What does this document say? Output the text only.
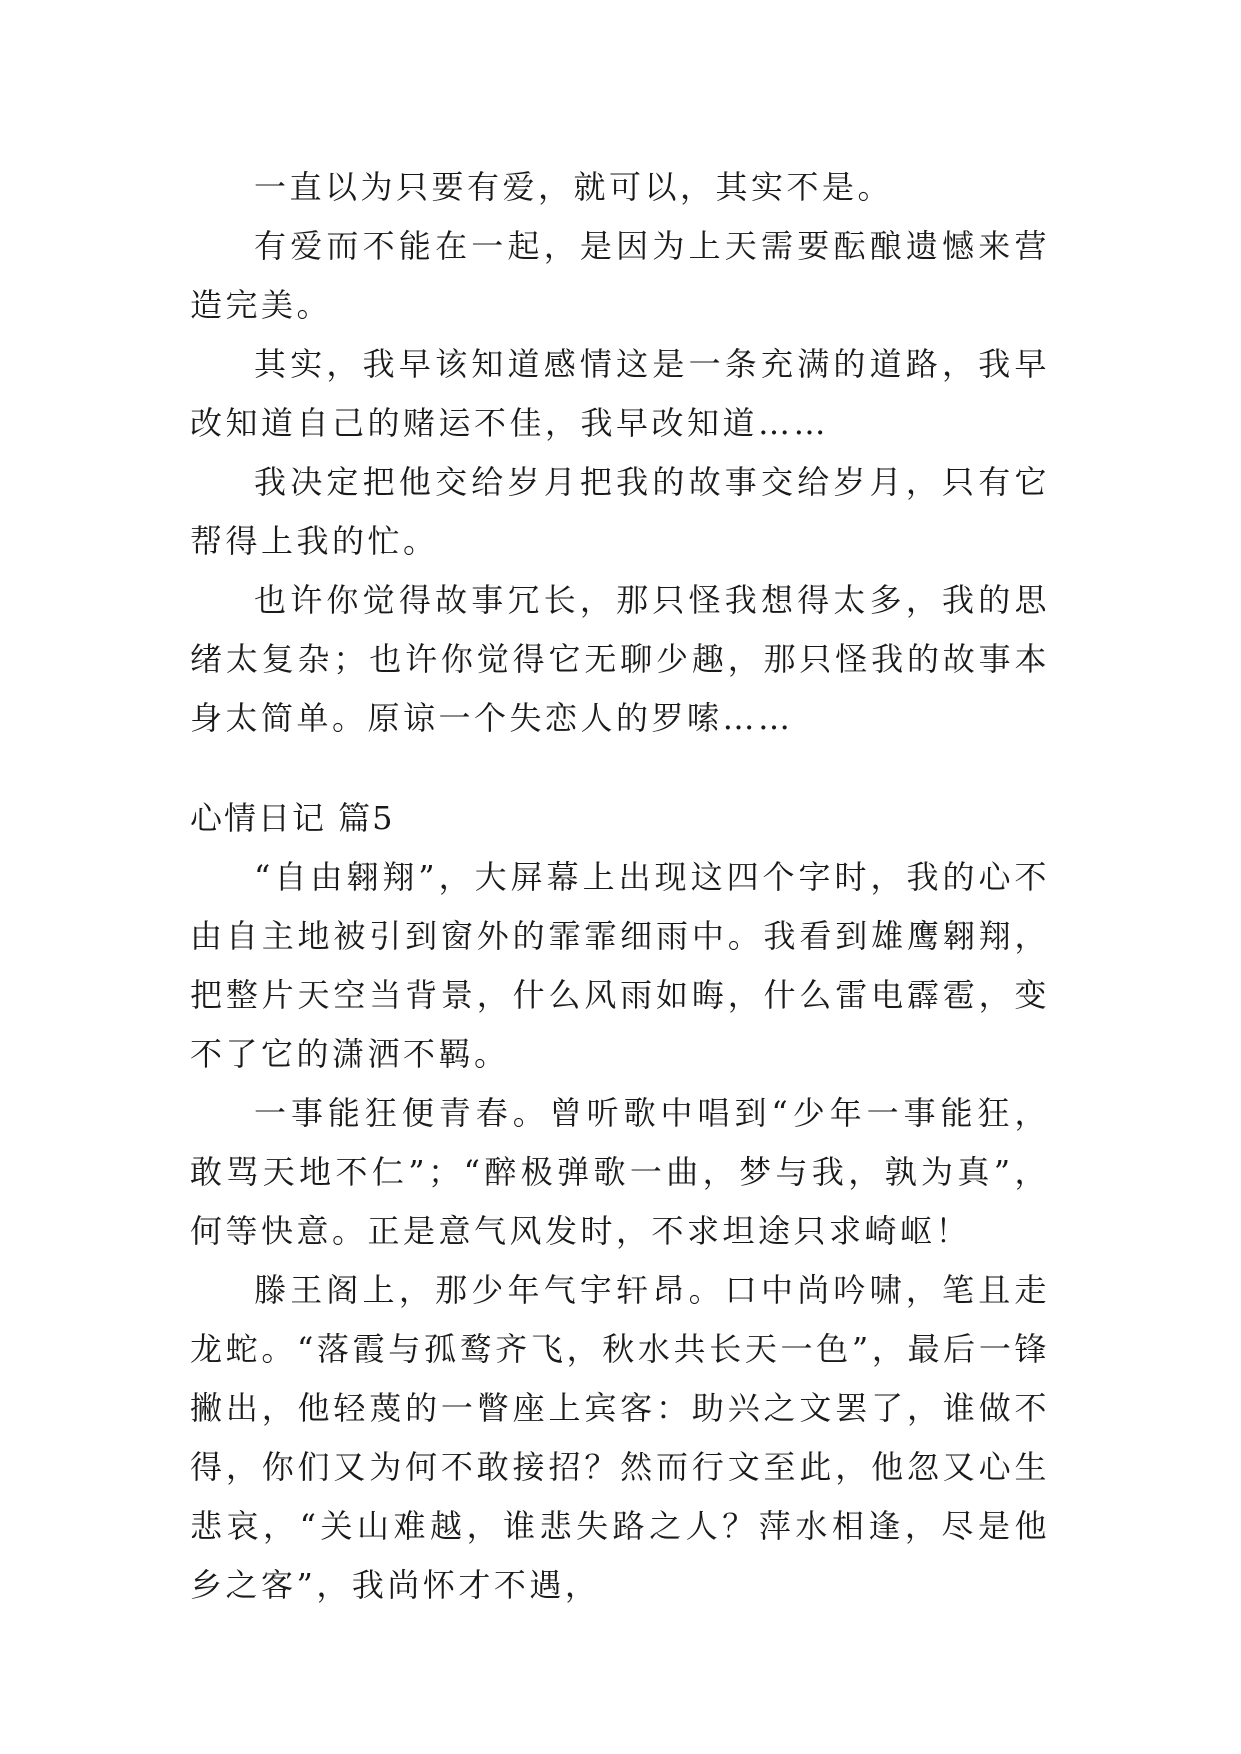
一直以为只要有爱，就可以，其实不是。

有爱而不能在一起，是因为上天需要酝酿遗憾来营造完美。

其实，我早该知道感情这是一条充满的道路，我早改知道自己的赌运不佳，我早改知道……

我决定把他交给岁月把我的故事交给岁月，只有它帮得上我的忙。

也许你觉得故事冗长，那只怪我想得太多，我的思绪太复杂；也许你觉得它无聊少趣，那只怪我的故事本身太简单。原谅一个失恋人的罗嗦……

心情日记 篇5

“自由翱翔”，大屏幕上出现这四个字时，我的心不由自主地被引到窗外的霏霏细雨中。我看到雄鹰翱翔，把整片天空当背景，什么风雨如晦，什么雷电霹雹，变不了它的潇洒不羁。

一事能狂便青春。曾听歌中唱到“少年一事能狂，敢骂天地不仁”；“醉极弹歌一曲，梦与我，孰为真”，何等快意。正是意气风发时，不求坦途只求崎岖！

滕王阁上，那少年气宇轩昂。口中尚吟啸，笔且走龙蛇。“落霞与孤鹜齐飞，秋水共长天一色”，最后一锋撇出，他轻蔑的一瞥座上宾客：助兴之文罢了，谁做不得，你们又为何不敢接招？然而行文至此，他忽又心生悲哀，“关山难越，谁悲失路之人？萍水相逢，尽是他乡之客”，我尚怀才不遇，
